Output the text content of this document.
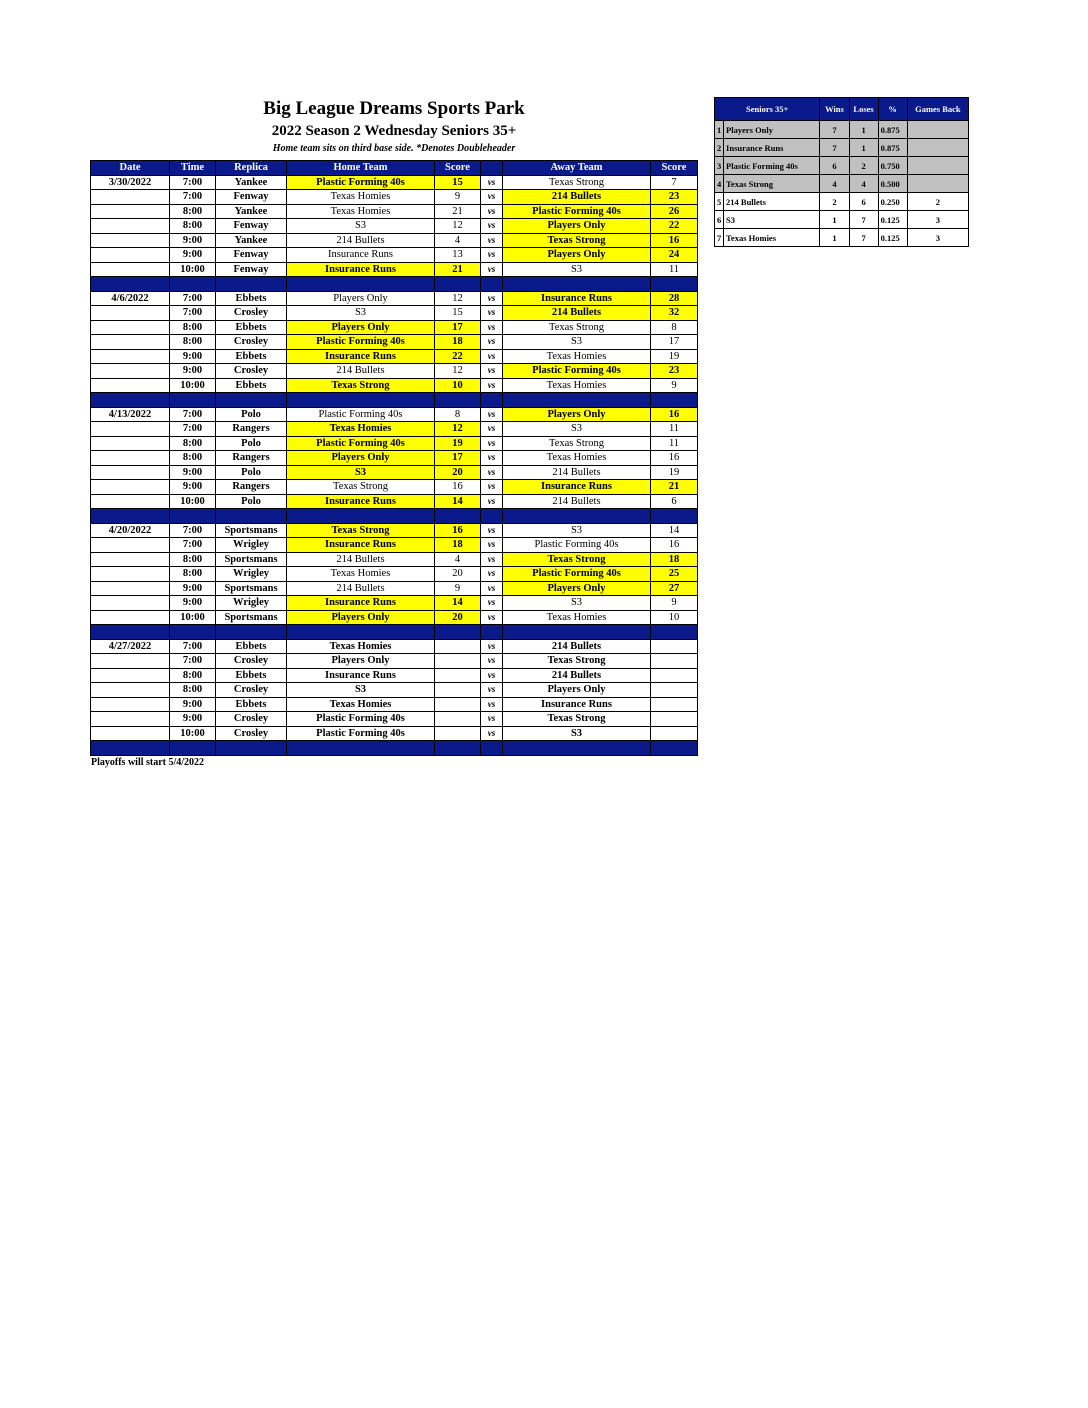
Big League Dreams Sports Park
2022 Season 2 Wednesday Seniors 35+
Home team sits on third base side. *Denotes Doubleheader
Date	Time	Replica	Home Team	Score		Away Team	Score
3/30/2022	7:00	Yankee	Plastic Forming 40s	15	vs	Texas Strong	7
	7:00	Fenway	Texas Homies	9	vs	214 Bullets	23
	8:00	Yankee	Texas Homies	21	vs	Plastic Forming 40s	26
	8:00	Fenway	S3	12	vs	Players Only	22
	9:00	Yankee	214 Bullets	4	vs	Texas Strong	16
	9:00	Fenway	Insurance Runs	13	vs	Players Only	24
	10:00	Fenway	Insurance Runs	21	vs	S3	11

4/6/2022	7:00	Ebbets	Players Only	12	vs	Insurance Runs	28
	7:00	Crosley	S3	15	vs	214 Bullets	32
	8:00	Ebbets	Players Only	17	vs	Texas Strong	8
	8:00	Crosley	Plastic Forming 40s	18	vs	S3	17
	9:00	Ebbets	Insurance Runs	22	vs	Texas Homies	19
	9:00	Crosley	214 Bullets	12	vs	Plastic Forming 40s	23
	10:00	Ebbets	Texas Strong	10	vs	Texas Homies	9

4/13/2022	7:00	Polo	Plastic Forming 40s	8	vs	Players Only	16
	7:00	Rangers	Texas Homies	12	vs	S3	11
	8:00	Polo	Plastic Forming 40s	19	vs	Texas Strong	11
	8:00	Rangers	Players Only	17	vs	Texas Homies	16
	9:00	Polo	S3	20	vs	214 Bullets	19
	9:00	Rangers	Texas Strong	16	vs	Insurance Runs	21
	10:00	Polo	Insurance Runs	14	vs	214 Bullets	6

4/20/2022	7:00	Sportsmans	Texas Strong	16	vs	S3	14
	7:00	Wrigley	Insurance Runs	18	vs	Plastic Forming 40s	16
	8:00	Sportsmans	214 Bullets	4	vs	Texas Strong	18
	8:00	Wrigley	Texas Homies	20	vs	Plastic Forming 40s	25
	9:00	Sportsmans	214 Bullets	9	vs	Players Only	27
	9:00	Wrigley	Insurance Runs	14	vs	S3	9
	10:00	Sportsmans	Players Only	20	vs	Texas Homies	10

4/27/2022	7:00	Ebbets	Texas Homies		vs	214 Bullets	
	7:00	Crosley	Players Only		vs	Texas Strong	
	8:00	Ebbets	Insurance Runs		vs	214 Bullets	
	8:00	Crosley	S3		vs	Players Only	
	9:00	Ebbets	Texas Homies		vs	Insurance Runs	
	9:00	Crosley	Plastic Forming 40s		vs	Texas Strong	
	10:00	Crosley	Plastic Forming 40s		vs	S3	

Seniors 35+		Wins	Loses	%	Games Back
1	Players Only	7	1	0.875	
2	Insurance Runs	7	1	0.875	
3	Plastic Forming 40s	6	2	0.750	
4	Texas Strong	4	4	0.500	
5	214 Bullets	2	6	0.250	2
6	S3	1	7	0.125	3
7	Texas Homies	1	7	0.125	3
Playoffs will start 5/4/2022
